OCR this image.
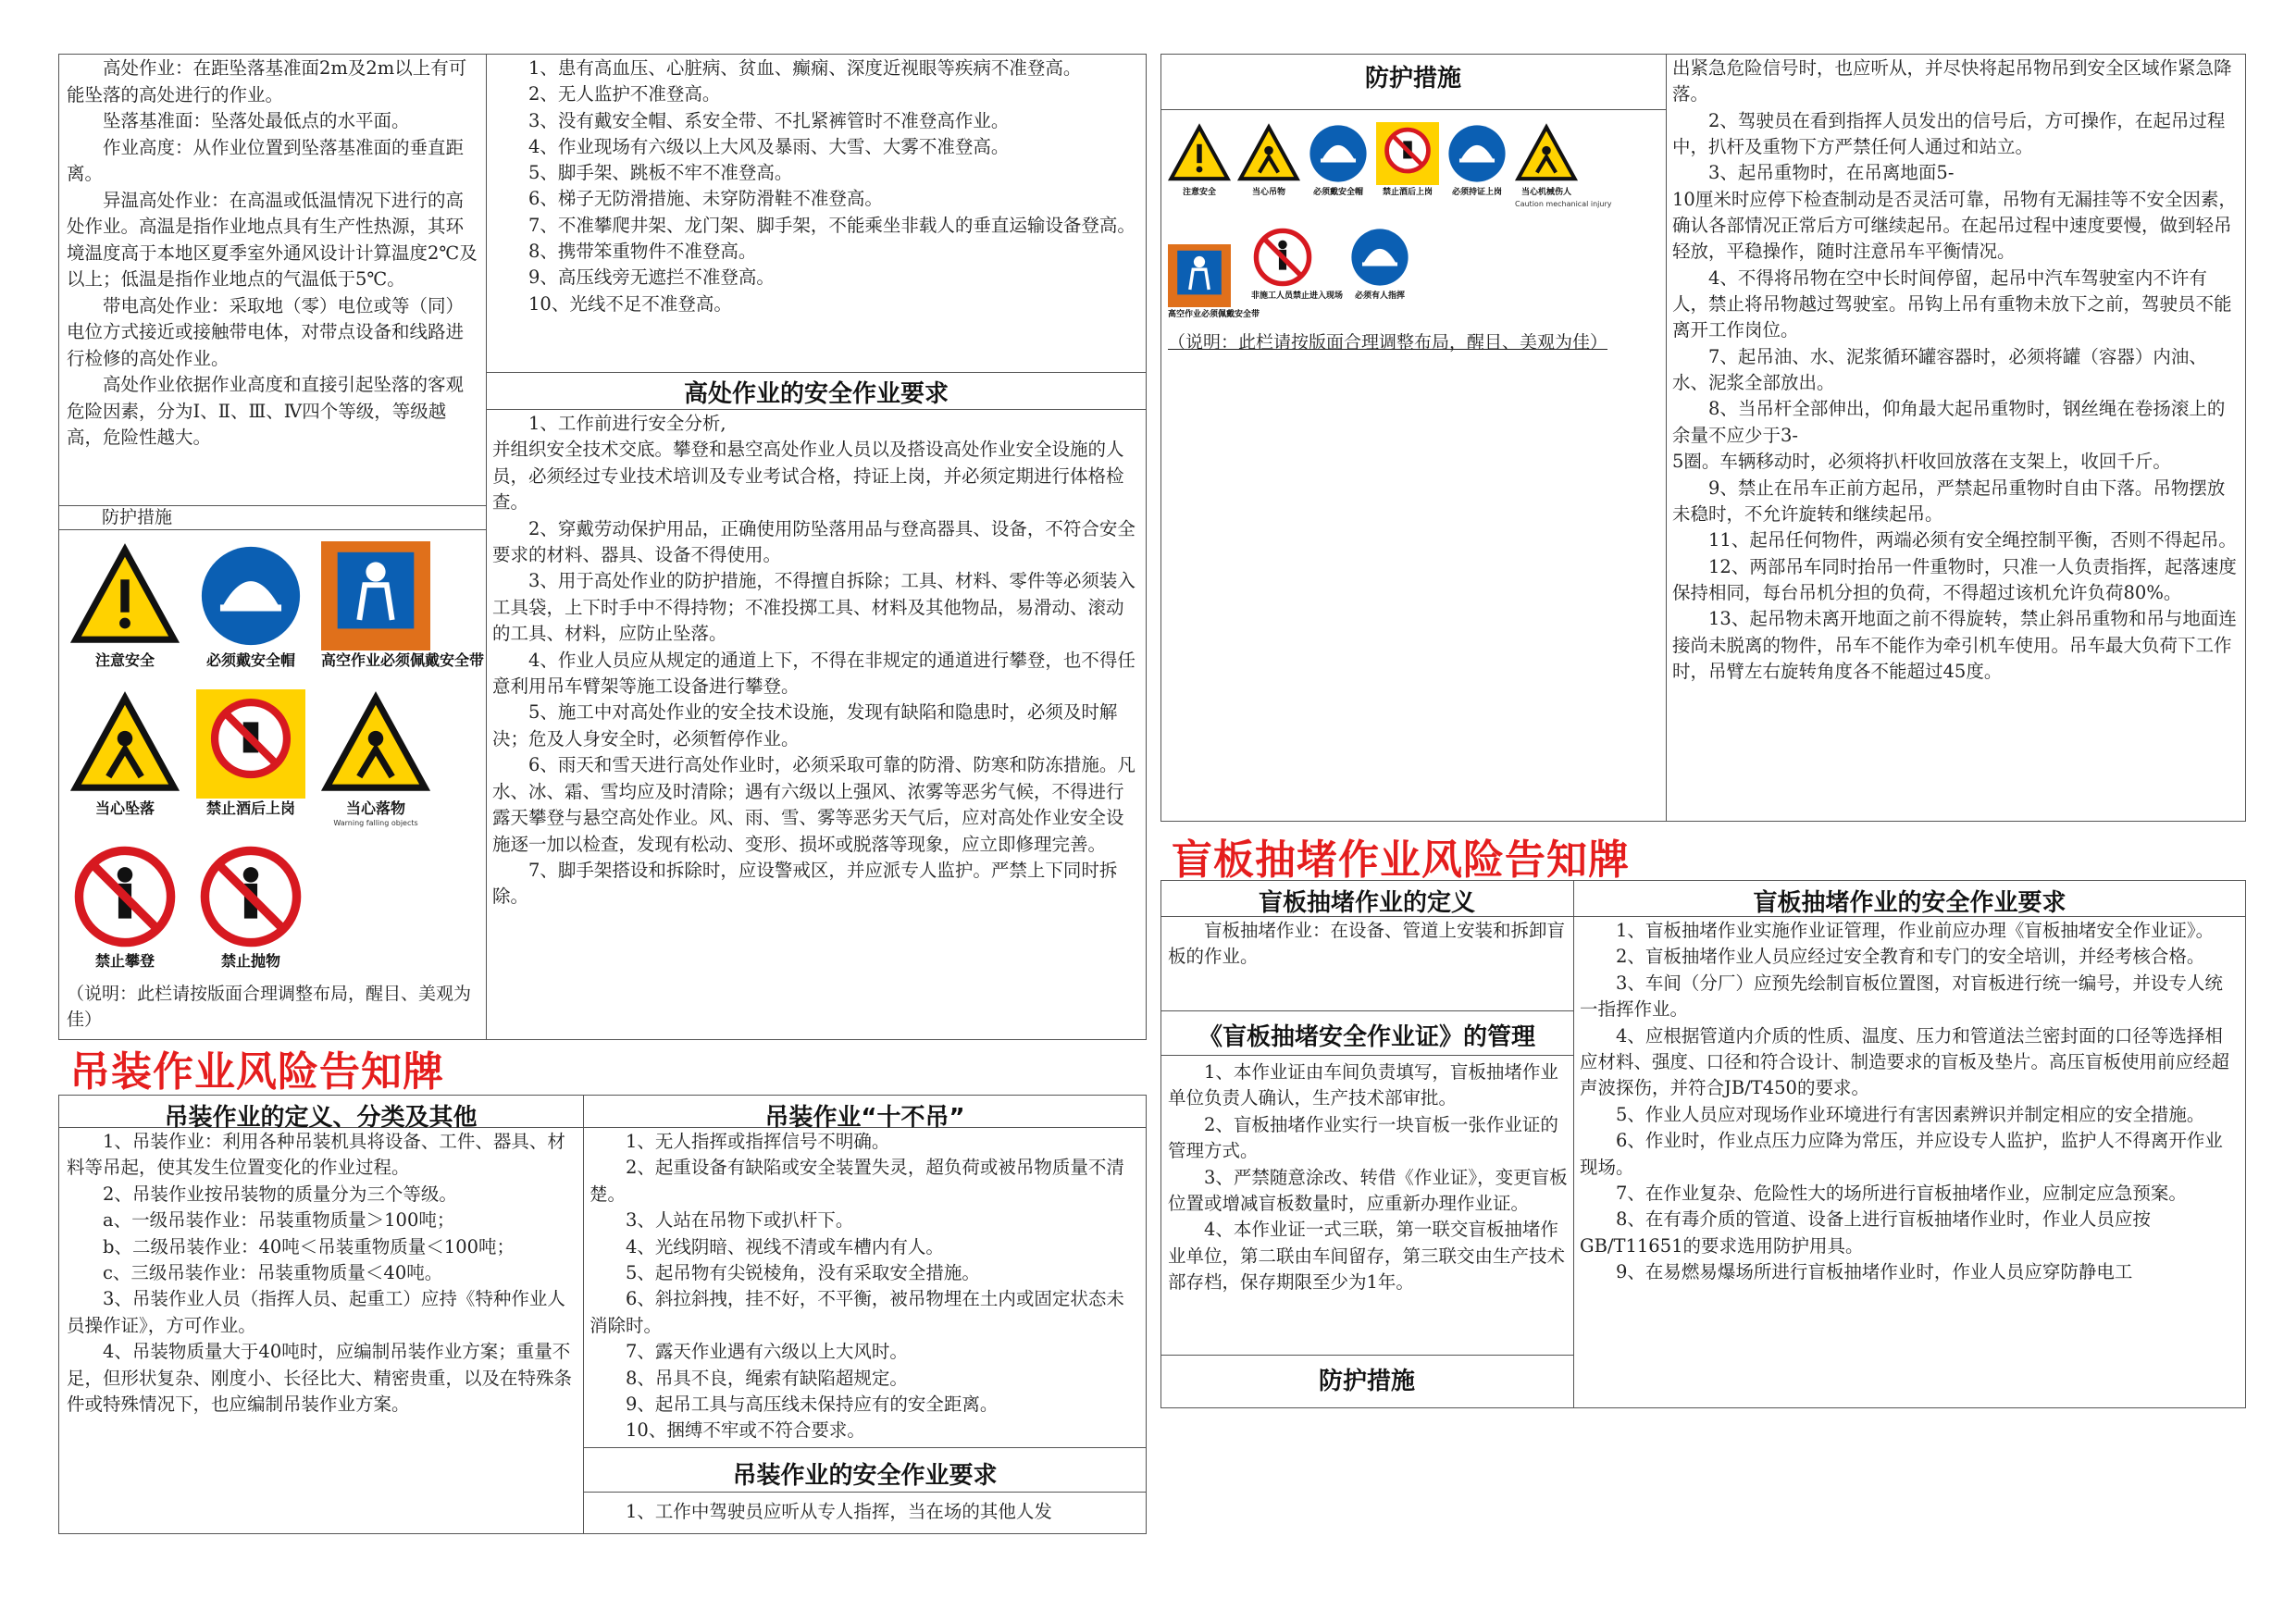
高处作业：在距坠落基准面2m及2m以上有可能坠落的高处进行的作业。

坠落基准面：坠落处最低点的水平面。

作业高度：从作业位置到坠落基准面的垂直距离。

异温高处作业：在高温或低温情况下进行的高处作业。高温是指作业地点具有生产性热源，其环境温度高于本地区夏季室外通风设计计算温度2℃及以上；低温是指作业地点的气温低于5℃。

带电高处作业：采取地（零）电位或等（同）电位方式接近或接触带电体，对带点设备和线路进行检修的高处作业。

高处作业依据作业高度和直接引起坠落的客观危险因素，分为Ⅰ、Ⅱ、Ⅲ、Ⅳ四个等级，等级越高，危险性越大。

防护措施

注意安全	必须戴安全帽	高空作业必须佩戴安全带
当心坠落	禁止酒后上岗	当心落物
Warning falling objects
禁止攀登	禁止抛物
（说明：此栏请按版面合理调整布局，醒目、美观为佳）

1、患有高血压、心脏病、贫血、癫痫、深度近视眼等疾病不准登高。

2、无人监护不准登高。

3、没有戴安全帽、系安全带、不扎紧裤管时不准登高作业。

4、作业现场有六级以上大风及暴雨、大雪、大雾不准登高。

5、脚手架、跳板不牢不准登高。

6、梯子无防滑措施、未穿防滑鞋不准登高。

7、不准攀爬井架、龙门架、脚手架，不能乘坐非载人的垂直运输设备登高。

8、携带笨重物件不准登高。

9、高压线旁无遮拦不准登高。

10、光线不足不准登高。

高处作业的安全作业要求

1、工作前进行安全分析,

并组织安全技术交底。攀登和悬空高处作业人员以及搭设高处作业安全设施的人员，必须经过专业技术培训及专业考试合格，持证上岗，并必须定期进行体格检查。

2、穿戴劳动保护用品，正确使用防坠落用品与登高器具、设备，不符合安全要求的材料、器具、设备不得使用。

3、用于高处作业的防护措施，不得擅自拆除；工具、材料、零件等必须装入工具袋，上下时手中不得持物；不准投掷工具、材料及其他物品，易滑动、滚动的工具、材料，应防止坠落。

4、作业人员应从规定的通道上下，不得在非规定的通道进行攀登，也不得任意利用吊车臂架等施工设备进行攀登。

5、施工中对高处作业的安全技术设施，发现有缺陷和隐患时，必须及时解决；危及人身安全时，必须暂停作业。

6、雨天和雪天进行高处作业时，必须采取可靠的防滑、防寒和防冻措施。凡水、冰、霜、雪均应及时清除；遇有六级以上强风、浓雾等恶劣气候，不得进行露天攀登与悬空高处作业。风、雨、雪、雾等恶劣天气后，应对高处作业安全设施逐一加以检查，发现有松动、变形、损坏或脱落等现象，应立即修理完善。

7、脚手架搭设和拆除时，应设警戒区，并应派专人监护。严禁上下同时拆除。

吊装作业风险告知牌
吊装作业的定义、分类及其他	吊装作业“十不吊”

1、吊装作业：利用各种吊装机具将设备、工件、器具、材料等吊起，使其发生位置变化的作业过程。

2、吊装作业按吊装物的质量分为三个等级。

a、一级吊装作业：吊装重物质量＞100吨；

b、二级吊装作业：40吨＜吊装重物质量＜100吨；

c、三级吊装作业：吊装重物质量＜40吨。

3、吊装作业人员（指挥人员、起重工）应持《特种作业人员操作证》，方可作业。

4、吊装物质量大于40吨时，应编制吊装作业方案；重量不足，但形状复杂、刚度小、长径比大、精密贵重，以及在特殊条件或特殊情况下，也应编制吊装作业方案。

1、无人指挥或指挥信号不明确。

2、起重设备有缺陷或安全装置失灵，超负荷或被吊物质量不清楚。

3、人站在吊物下或扒杆下。

4、光线阴暗、视线不清或车槽内有人。

5、起吊物有尖锐棱角，没有采取安全措施。

6、斜拉斜拽，挂不好，不平衡，被吊物埋在土内或固定状态未消除时。

7、露天作业遇有六级以上大风时。

8、吊具不良，绳索有缺陷超规定。

9、起吊工具与高压线未保持应有的安全距离。

10、捆缚不牢或不符合要求。

吊装作业的安全作业要求

1、工作中驾驶员应听从专人指挥，当在场的其他人发

防护措施
注意安全	当心吊物	必须戴安全帽	禁止酒后上岗	必须持证上岗	当心机械伤人
Caution mechanical injury
高空作业必须佩戴安全带
非施工人员禁止进入现场	必须有人指挥
（说明：此栏请按版面合理调整布局，醒目、美观为佳）

出紧急危险信号时，也应听从，并尽快将起吊物吊到安全区域作紧急降落。

2、驾驶员在看到指挥人员发出的信号后，方可操作，在起吊过程中，扒杆及重物下方严禁任何人通过和站立。

3、起吊重物时，在吊离地面5-

10厘米时应停下检查制动是否灵活可靠，吊物有无漏挂等不安全因素，确认各部情况正常后方可继续起吊。在起吊过程中速度要慢，做到轻吊轻放，平稳操作，随时注意吊车平衡情况。

4、不得将吊物在空中长时间停留，起吊中汽车驾驶室内不许有人，禁止将吊物越过驾驶室。吊钩上吊有重物未放下之前，驾驶员不能离开工作岗位。

7、起吊油、水、泥浆循环罐容器时，必须将罐（容器）内油、水、泥浆全部放出。

8、当吊杆全部伸出，仰角最大起吊重物时，钢丝绳在卷扬滚上的余量不应少于3-

5圈。车辆移动时，必须将扒杆收回放落在支架上，收回千斤。

9、禁止在吊车正前方起吊，严禁起吊重物时自由下落。吊物摆放未稳时，不允许旋转和继续起吊。

11、起吊任何物件，两端必须有安全绳控制平衡，否则不得起吊。

12、两部吊车同时抬吊一件重物时，只准一人负责指挥，起落速度保持相同，每台吊机分担的负荷，不得超过该机允许负荷80%。

13、起吊物未离开地面之前不得旋转，禁止斜吊重物和吊与地面连接尚未脱离的物件，吊车不能作为牵引机车使用。吊车最大负荷下工作时，吊臂左右旋转角度各不能超过45度。

盲板抽堵作业风险告知牌
盲板抽堵作业的定义	盲板抽堵作业的安全作业要求

盲板抽堵作业：在设备、管道上安装和拆卸盲板的作业。

《盲板抽堵安全作业证》的管理

1、本作业证由车间负责填写，盲板抽堵作业单位负责人确认，生产技术部审批。

2、盲板抽堵作业实行一块盲板一张作业证的管理方式。

3、严禁随意涂改、转借《作业证》，变更盲板位置或增减盲板数量时，应重新办理作业证。

4、本作业证一式三联，第一联交盲板抽堵作业单位，第二联由车间留存，第三联交由生产技术部存档，保存期限至少为1年。

防护措施

1、盲板抽堵作业实施作业证管理，作业前应办理《盲板抽堵安全作业证》。

2、盲板抽堵作业人员应经过安全教育和专门的安全培训，并经考核合格。

3、车间（分厂）应预先绘制盲板位置图，对盲板进行统一编号，并设专人统一指挥作业。

4、应根据管道内介质的性质、温度、压力和管道法兰密封面的口径等选择相应材料、强度、口径和符合设计、制造要求的盲板及垫片。高压盲板使用前应经超声波探伤，并符合JB/T450的要求。

5、作业人员应对现场作业环境进行有害因素辨识并制定相应的安全措施。

6、作业时，作业点压力应降为常压，并应设专人监护，监护人不得离开作业现场。

7、在作业复杂、危险性大的场所进行盲板抽堵作业，应制定应急预案。

8、在有毒介质的管道、设备上进行盲板抽堵作业时，作业人员应按GB/T11651的要求选用防护用具。

9、在易燃易爆场所进行盲板抽堵作业时，作业人员应穿防静电工
